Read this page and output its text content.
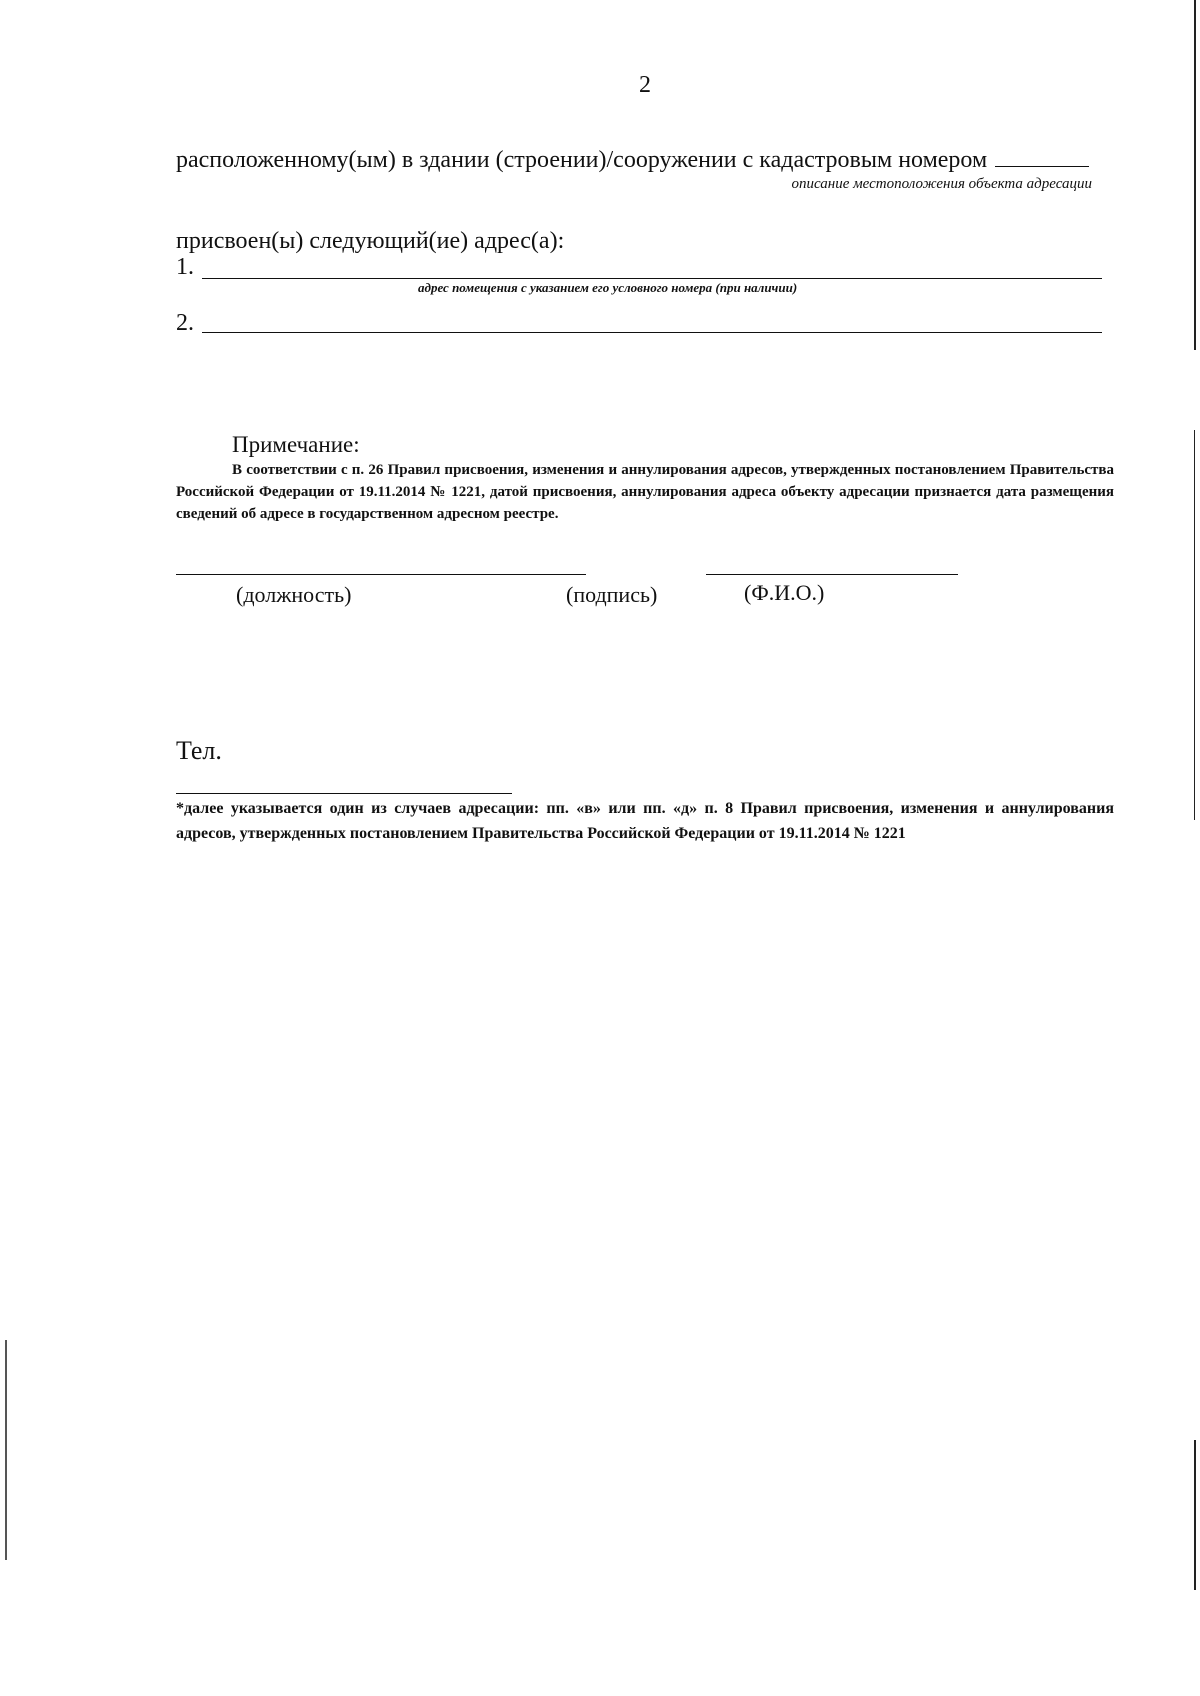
2
расположенному(ым) в здании (строении)/сооружении с кадастровым номером
описание местоположения объекта адресации
присвоен(ы) следующий(ие) адрес(а):
1.
адрес помещения с указанием его условного номера (при наличии)
2.
Примечание:
В соответствии с п. 26 Правил присвоения, изменения и аннулирования адресов, утвержденных постановлением Правительства Российской Федерации от 19.11.2014 № 1221, датой присвоения, аннулирования адреса объекту адресации признается дата размещения сведений об адресе в государственном адресном реестре.
(должность)	(подпись)	(Ф.И.О.)
Тел.
*далее указывается один из случаев адресации: пп. «в» или пп. «д» п. 8 Правил присвоения, изменения и аннулирования адресов, утвержденных постановлением Правительства Российской Федерации от 19.11.2014 № 1221
